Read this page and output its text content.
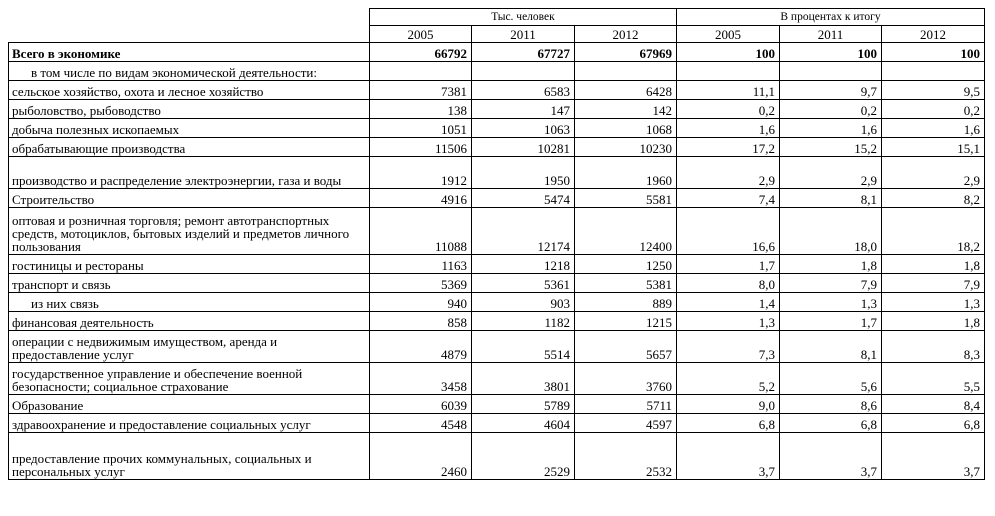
	Тыс. человек			В процентах к итогу		
	2005	2011	2012	2005	2011	2012
Всего в экономике	66792	67727	67969	100	100	100
в том числе по видам экономической деятельности:						
сельское хозяйство, охота и лесное хозяйство	7381	6583	6428	11,1	9,7	9,5
рыболовство, рыбоводство	138	147	142	0,2	0,2	0,2
добыча полезных ископаемых	1051	1063	1068	1,6	1,6	1,6
обрабатывающие производства	11506	10281	10230	17,2	15,2	15,1
производство и распределение электроэнергии, газа и воды	1912	1950	1960	2,9	2,9	2,9
Строительство	4916	5474	5581	7,4	8,1	8,2
оптовая и розничная торговля; ремонт автотранспортных средств, мотоциклов, бытовых изделий и предметов личного пользования	11088	12174	12400	16,6	18,0	18,2
гостиницы и рестораны	1163	1218	1250	1,7	1,8	1,8
транспорт и связь	5369	5361	5381	8,0	7,9	7,9
из них связь	940	903	889	1,4	1,3	1,3
финансовая деятельность	858	1182	1215	1,3	1,7	1,8
операции с недвижимым имуществом, аренда и предоставление услуг	4879	5514	5657	7,3	8,1	8,3
государственное управление и обеспечение военной безопасности; социальное страхование	3458	3801	3760	5,2	5,6	5,5
Образование	6039	5789	5711	9,0	8,6	8,4
здравоохранение и предоставление социальных услуг	4548	4604	4597	6,8	6,8	6,8
предоставление прочих коммунальных, социальных и персональных услуг	2460	2529	2532	3,7	3,7	3,7
